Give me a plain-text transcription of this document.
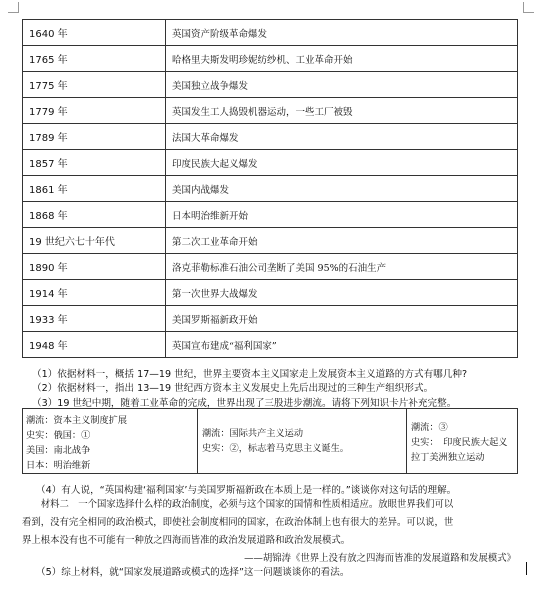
1640 年	英国资产阶级革命爆发
1765 年	哈格里夫斯发明珍妮纺纱机、工业革命开始
1775 年	美国独立战争爆发
1779 年	英国发生工人捣毁机器运动，一些工厂被毁
1789 年	法国大革命爆发
1857 年	印度民族大起义爆发
1861 年	美国内战爆发
1868 年	日本明治维新开始
19 世纪六七十年代	第二次工业革命开始
1890 年	洛克菲勒标准石油公司垄断了美国 95%的石油生产
1914 年	第一次世界大战爆发
1933 年	美国罗斯福新政开始
1948 年	英国宣布建成“福利国家”
（1）依据材料一，概括 17—19 世纪，世界主要资本主义国家走上发展资本主义道路的方式有哪几种?
（2）依据材料一，指出 13—19 世纪西方资本主义发展史上先后出现过的三种生产组织形式。
（3）19 世纪中期，随着工业革命的完成，世界出现了三股进步潮流。请将下列知识卡片补充完整。
潮流：资本主义制度扩展
史实：俄国：①
美国：南北战争
日本：明治维新
潮流：国际共产主义运动
史实：②，标志着马克思主义诞生。
潮流：③
史实：　印度民族大起义
拉丁美洲独立运动
（4）有人说，“英国构建‘福利国家’与美国罗斯福新政在本质上是一样的。”谈谈你对这句话的理解。
　　材料二　一个国家选择什么样的政治制度，必须与这个国家的国情和性质相适应。放眼世界我们可以
看到，没有完全相同的政治模式，即使社会制度相同的国家，在政治体制上也有很大的差异。可以说，世
界上根本没有也不可能有一种放之四海而皆准的政治发展道路和政治发展模式。
——胡锦涛《世界上没有放之四海而皆准的发展道路和发展模式》
（5）综上材料，就“国家发展道路或模式的选择”这一问题谈谈你的看法。
